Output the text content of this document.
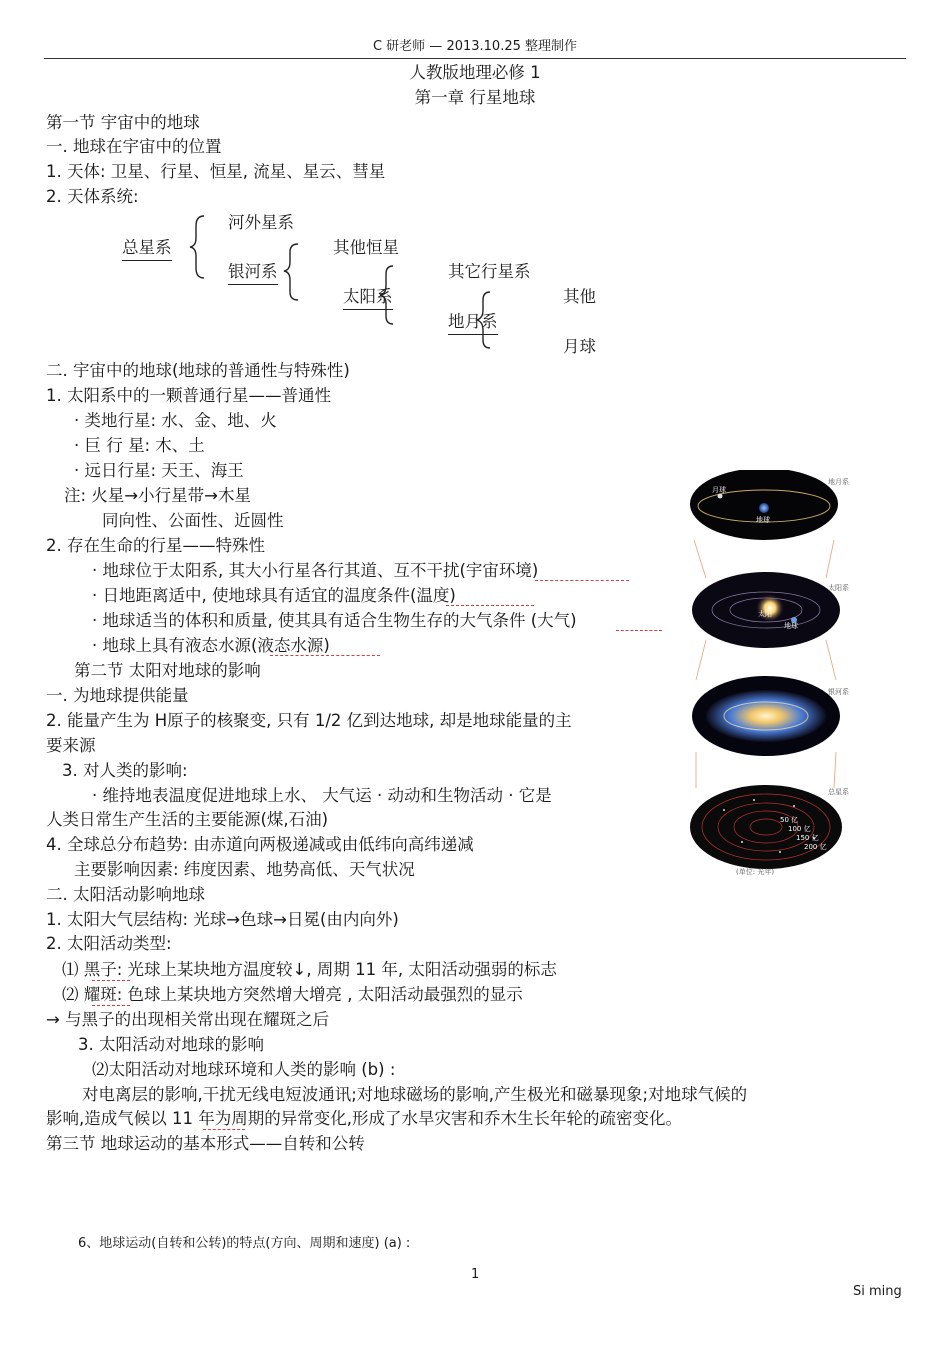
C 研老师 — 2013.10.25 整理制作
人教版地理必修 1
第一章 行星地球
第一节 宇宙中的地球
一. 地球在宇宙中的位置
1. 天体: 卫星、行星、恒星, 流星、星云、彗星
2. 天体系统:
河外星系
总星系	其他恒星
银河系	其它行星系
太阳系	其他
地月系
月球
二. 宇宙中的地球(地球的普通性与特殊性)
1. 太阳系中的一颗普通行星——普通性
· 类地行星: 水、金、地、火
· 巨 行 星: 木、土
· 远日行星: 天王、海王
注: 火星→小行星带→木星
同向性、公面性、近圆性
2. 存在生命的行星——特殊性
· 地球位于太阳系, 其大小行星各行其道、互不干扰(宇宙环境)
· 日地距离适中, 使地球具有适宜的温度条件(温度)
· 地球适当的体积和质量, 使其具有适合生物生存的大气条件 (大气)
· 地球上具有液态水源(液态水源)
第二节 太阳对地球的影响
一. 为地球提供能量
2. 能量产生为 H原子的核聚变, 只有 1/2 亿到达地球, 却是地球能量的主
要来源
3. 对人类的影响:
· 维持地表温度促进地球上水、 大气运 · 动动和生物活动 · 它是
人类日常生产生活的主要能源(煤,石油)
4. 全球总分布趋势: 由赤道向两极递减或由低纬向高纬递减
主要影响因素: 纬度因素、地势高低、天气状况
二. 太阳活动影响地球
1. 太阳大气层结构: 光球→色球→日冕(由内向外)
2. 太阳活动类型:
⑴ 黑子: 光球上某块地方温度较↓, 周期 11 年, 太阳活动强弱的标志
⑵ 耀斑: 色球上某块地方突然增大增亮 , 太阳活动最强烈的显示
→ 与黑子的出现相关常出现在耀斑之后
3. 太阳活动对地球的影响
⑵太阳活动对地球环境和人类的影响 (b) :
对电离层的影响,干扰无线电短波通讯;对地球磁场的影响,产生极光和磁暴现象;对地球气候的
影响,造成气候以 11 年为周期的异常变化,形成了水旱灾害和乔木生长年轮的疏密变化。
第三节 地球运动的基本形式——自转和公转
6、地球运动(自转和公转)的特点(方向、周期和速度) (a) :
1
Si ming
月球
地球
地月系
太阳
地球
太阳系
银河系
50 亿
100 亿
150 亿
200 亿
总星系
(单位: 光年)
